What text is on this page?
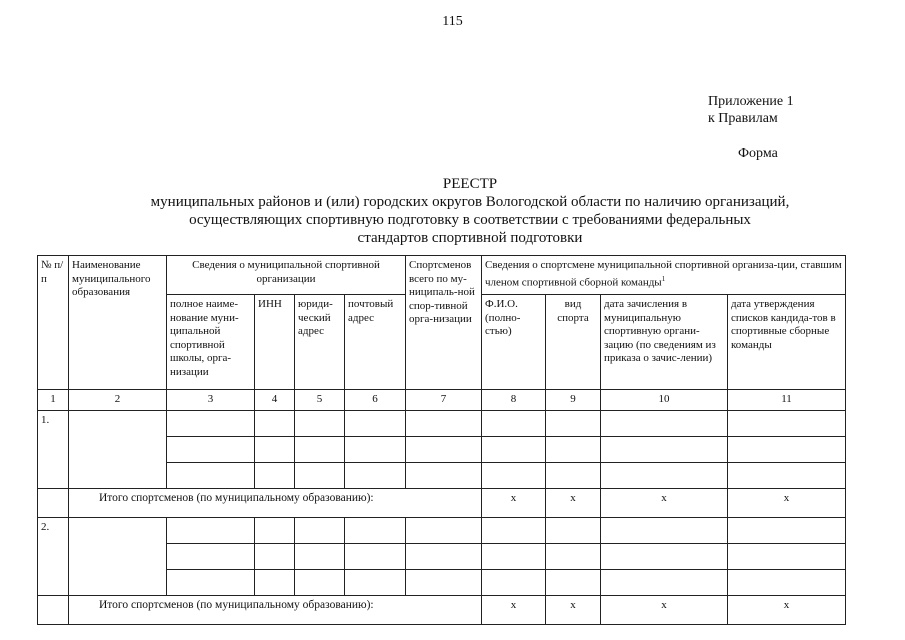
115
Приложение 1
к Правилам
Форма
РЕЕСТР
муниципальных районов и (или) городских округов Вологодской области по наличию организаций,
осуществляющих спортивную подготовку в соответствии с требованиями федеральных
стандартов спортивной подготовки
№ п/п	Наименование муниципального образования	Сведения о муниципальной спортивной организации				Спортсменов всего по му-ниципаль-ной спор-тивной орга-низации	Сведения о спортсмене муниципальной спортивной организа-ции, ставшим членом спортивной сборной команды$^1$
		полное наиме-нование муни-ципальной спортивной школы, орга-низации	ИНН	юриди-ческий адрес	почтовый адрес		Ф.И.О. (полно-стью)	вид спорта	дата зачисления в муниципальную спортивную органи-зацию (по сведениям из приказа о зачис-лении)	дата утверждения списков кандида-тов в спортивные сборные команды
1	2	3	4	5	6	7	8	9	10	11
1.										

	Итого спортсменов (по муниципальному образованию):						x	x	x	x
2.										

	Итого спортсменов (по муниципальному образованию):						x	x	x	x
